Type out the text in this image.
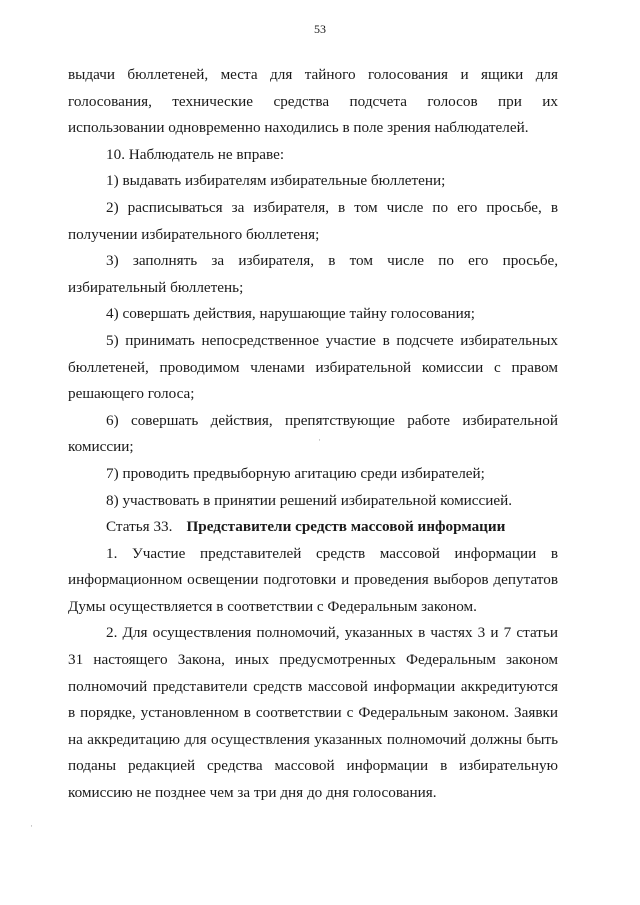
53

выдачи бюллетеней, места для тайного голосования и ящики для голосования, технические средства подсчета голосов при их использовании одновременно находились в поле зрения наблюдателей.

10. Наблюдатель не вправе:

1) выдавать избирателям избирательные бюллетени;

2) расписываться за избирателя, в том числе по его просьбе, в получении избирательного бюллетеня;

3) заполнять за избирателя, в том числе по его просьбе, избирательный бюллетень;

4) совершать действия, нарушающие тайну голосования;

5) принимать непосредственное участие в подсчете избирательных бюллетеней, проводимом членами избирательной комиссии с правом решающего голоса;

6) совершать действия, препятствующие работе избирательной комиссии;

7) проводить предвыборную агитацию среди избирателей;

8) участвовать в принятии решений избирательной комиссией.

Статья 33. Представители средств массовой информации

1. Участие представителей средств массовой информации в информационном освещении подготовки и проведения выборов депутатов Думы осуществляется в соответствии с Федеральным законом.

2. Для осуществления полномочий, указанных в частях 3 и 7 статьи 31 настоящего Закона, иных предусмотренных Федеральным законом полномочий представители средств массовой информации аккредитуются в порядке, установленном в соответствии с Федеральным законом. Заявки на аккредитацию для осуществления указанных полномочий должны быть поданы редакцией средства массовой информации в избирательную комиссию не позднее чем за три дня до дня голосования.

·
·
